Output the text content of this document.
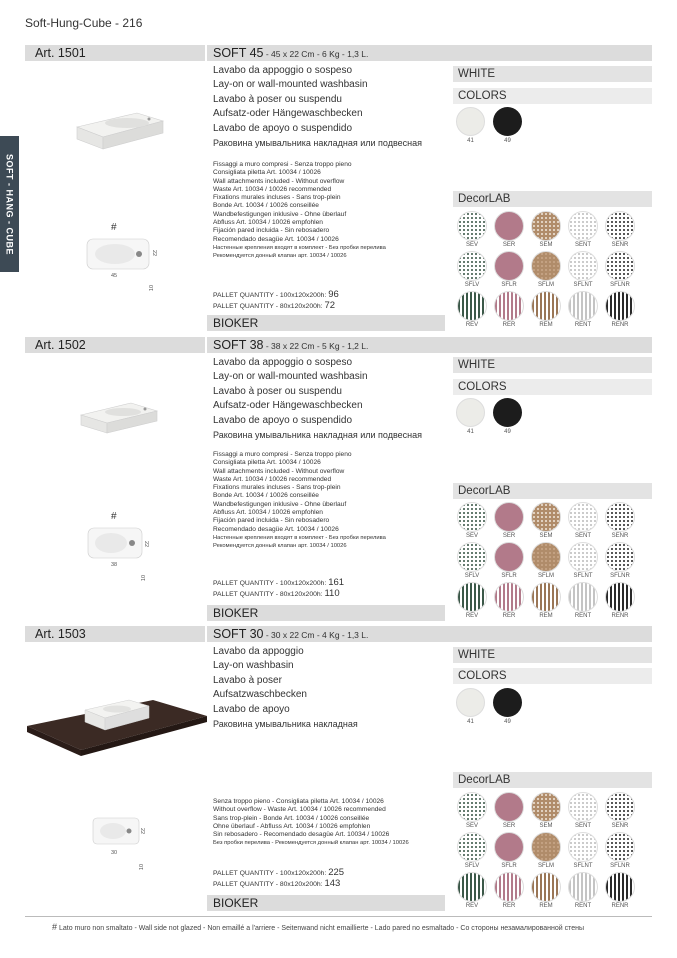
Soft-Hung-Cube - 216
SOFT - HANG - CUBE
Art. 1501	SOFT 45 - 45 x 22 Cm - 6 Kg - 1,3 L.
Lavabo da appoggio o sospeso
Lay-on or wall-mounted washbasin
Lavabo à poser ou suspendu
Aufsatz-oder Hängewaschbecken
Lavabo de apoyo o suspendido
Раковина умывальника накладная или подвесная
Fissaggi a muro compresi - Senza troppo pieno
Consigliata piletta Art. 10034 / 10026
Wall attachments included - Without overflow
Waste Art. 10034 / 10026 recommended
Fixations murales incluses - Sans trop-plein
Bonde Art. 10034 / 10026 conseillée
Wandbefestigungen inklusive - Ohne überlauf
Abfluss Art. 10034 / 10026 empfohlen
Fijación pared incluida - Sin rebosadero
Recomendado desagüe Art. 10034 / 10026
Настенные крепления входят в комплект - Без пробки перелива
Рекомендуется донный клапан арт. 10034 / 10026
PALLET QUANTITY - 100x120x200h: 96
PALLET QUANTITY - 80x120x200h: 72
BIOKER
#
45
22
10
WHITE
COLORS
41	49
DecorLAB
SEV	SER	SEM	SENT	SENR
SFLV	SFLR	SFLM	SFLNT	SFLNR
REV	RER	REM	RENT	RENR
Art. 1502	SOFT 38 - 38 x 22 Cm - 5 Kg - 1,2 L.
Lavabo da appoggio o sospeso
Lay-on or wall-mounted washbasin
Lavabo à poser ou suspendu
Aufsatz-oder Hängewaschbecken
Lavabo de apoyo o suspendido
Раковина умывальника накладная или подвесная
Fissaggi a muro compresi - Senza troppo pieno
Consigliata piletta Art. 10034 / 10026
Wall attachments included - Without overflow
Waste Art. 10034 / 10026 recommended
Fixations murales incluses - Sans trop-plein
Bonde Art. 10034 / 10026 conseillée
Wandbefestigungen inklusive - Ohne überlauf
Abfluss Art. 10034 / 10026 empfohlen
Fijación pared incluida - Sin rebosadero
Recomendado desagüe Art. 10034 / 10026
Настенные крепления входят в комплект - Без пробки перелива
Рекомендуется донный клапан арт. 10034 / 10026
PALLET QUANTITY - 100x120x200h: 161
PALLET QUANTITY - 80x120x200h: 110
BIOKER
#
38
22
10
WHITE
COLORS
41	49
DecorLAB
SEV	SER	SEM	SENT	SENR
SFLV	SFLR	SFLM	SFLNT	SFLNR
REV	RER	REM	RENT	RENR
Art. 1503	SOFT 30 - 30 x 22 Cm - 4 Kg - 1,3 L.
Lavabo da appoggio
Lay-on washbasin
Lavabo à poser
Aufsatzwaschbecken
Lavabo de apoyo
Раковина умывальника накладная
Senza troppo pieno - Consigliata piletta Art. 10034 / 10026
Without overflow - Waste Art. 10034 / 10026 recommended
Sans trop-plein - Bonde Art. 10034 / 10026 conseillée
Ohne überlauf - Abfluss Art. 10034 / 10026 empfohlen
Sin rebosadero - Recomendado desagüe Art. 10034 / 10026
Без пробки перелива - Рекомендуется донный клапан арт. 10034 / 10026
PALLET QUANTITY - 100x120x200h: 225
PALLET QUANTITY - 80x120x200h: 143
BIOKER
30
22
10
WHITE
COLORS
41	49
DecorLAB
SEV	SER	SEM	SENT	SENR
SFLV	SFLR	SFLM	SFLNT	SFLNR
REV	RER	REM	RENT	RENR
# Lato muro non smaltato - Wall side not glazed - Non emaillé a l'arriere - Seitenwand nicht emaillierte - Lado pared no esmaltado - Со стороны незамалированной стены
